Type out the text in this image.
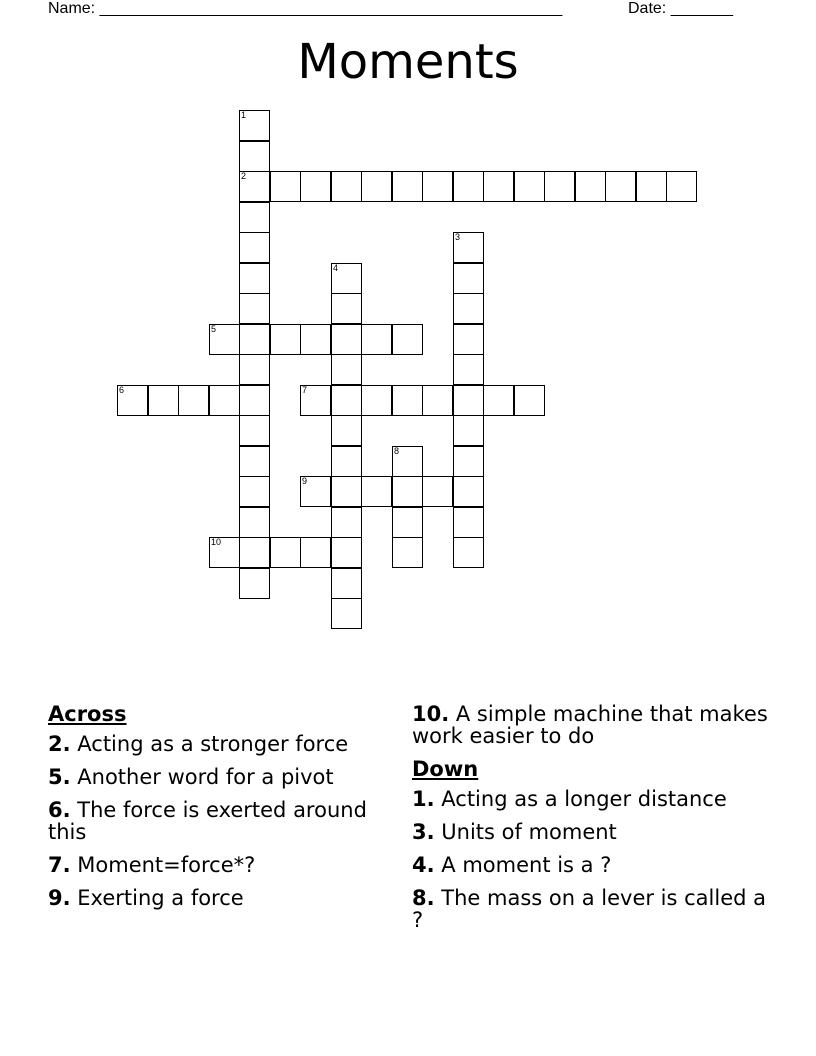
Name: ____________________________________________________	Date: _______
Moments
1
2
3
4
5
6	7
8
9
10
Across
2. Acting as a stronger force
5. Another word for a pivot
6. The force is exerted around this
7. Moment=force*?
9. Exerting a force
10. A simple machine that makes work easier to do
Down
1. Acting as a longer distance
3. Units of moment
4. A moment is a ?
8. The mass on a lever is called a ?
